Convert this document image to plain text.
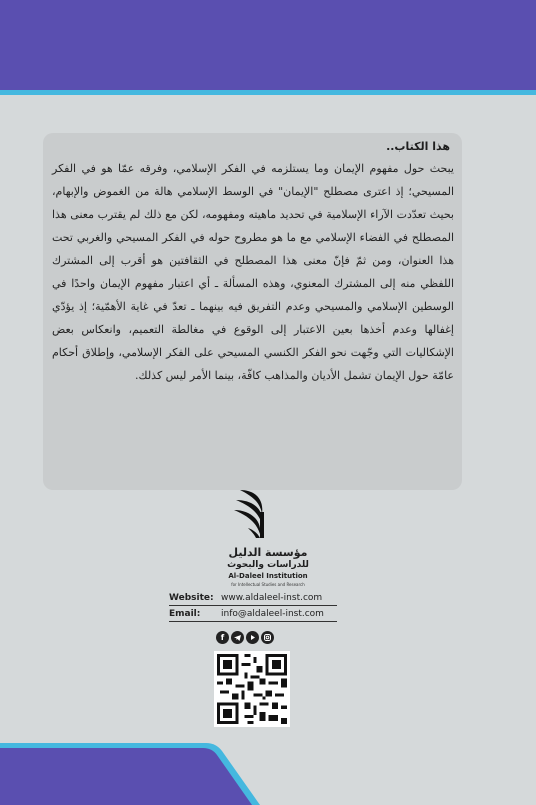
هذا الكتاب..
يبحث حول مفهوم الإيمان وما يستلزمه في الفكر الإسلامي، وفرقه عمّا هو في الفكر المسيحي؛ إذ اعترى مصطلح "الإيمان" في الوسط الإسلامي هالة من الغموض والإبهام، بحيث تعدّدت الآراء الإسلامية في تحديد ماهيته ومفهومه، لكن مع ذلك لم يقترب معنى هذا المصطلح في الفضاء الإسلامي مع ما هو مطروح حوله في الفكر المسيحي والغربي تحت هذا العنوان، ومن ثمّ فإنّ معنى هذا المصطلح في الثقافتين هو أقرب إلى المشترك اللفظي منه إلى المشترك المعنوي، وهذه المسألة ـ أي اعتبار مفهوم الإيمان واحدًا في الوسطين الإسلامي والمسيحي وعدم التفريق فيه بينهما ـ تعدّ في غاية الأهمّية؛ إذ يؤدّي إغفالها وعدم أخذها بعين الاعتبار إلى الوقوع في مغالطة التعميم، وانعكاس بعض الإشكاليات التي وجّهت نحو الفكر الكنسي المسيحي على الفكر الإسلامي، وإطلاق أحكام عامّة حول الإيمان تشمل الأديان والمذاهب كافّة، بينما الأمر ليس كذلك.
مؤسسة الدليل
للدراسات والبحوث
Al-Daleel Institution
for Intellectual Studies and Research
Website: www.aldaleel-inst.com
Email: info@aldaleel-inst.com
f
